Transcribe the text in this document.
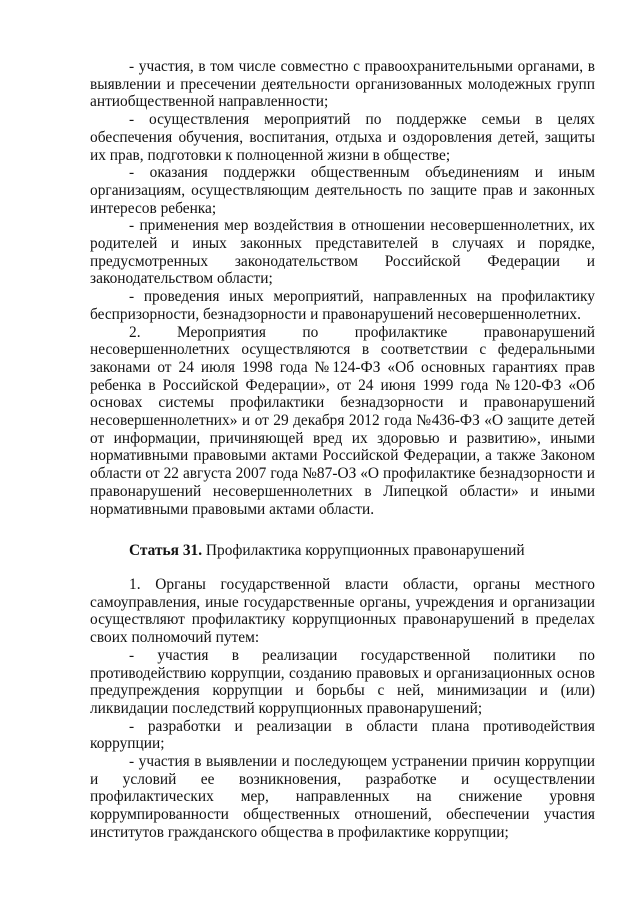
- участия, в том числе совместно с правоохранительными органами, в выявлении и пресечении деятельности организованных молодежных групп антиобщественной направленности;

- осуществления мероприятий по поддержке семьи в целях обеспечения обучения, воспитания, отдыха и оздоровления детей, защиты их прав, подготовки к полноценной жизни в обществе;

- оказания поддержки общественным объединениям и иным организациям, осуществляющим деятельность по защите прав и законных интересов ребенка;

- применения мер воздействия в отношении несовершеннолетних, их родителей и иных законных представителей в случаях и порядке, предусмотренных законодательством Российской Федерации и законодательством области;

- проведения иных мероприятий, направленных на профилактику беспризорности, безнадзорности и правонарушений несовершеннолетних.

2. Мероприятия по профилактике правонарушений несовершеннолетних осуществляются в соответствии с федеральными законами от 24 июля 1998 года №124-ФЗ «Об основных гарантиях прав ребенка в Российской Федерации», от 24 июня 1999 года №120-ФЗ «Об основах системы профилактики безнадзорности и правонарушений несовершеннолетних» и от 29 декабря 2012 года №436-ФЗ «О защите детей от информации, причиняющей вред их здоровью и развитию», иными нормативными правовыми актами Российской Федерации, а также Законом области от 22 августа 2007 года №87-ОЗ «О профилактике безнадзорности и правонарушений несовершеннолетних в Липецкой области» и иными нормативными правовыми актами области.

Статья 31. Профилактика коррупционных правонарушений

1. Органы государственной власти области, органы местного самоуправления, иные государственные органы, учреждения и организации осуществляют профилактику коррупционных правонарушений в пределах своих полномочий путем:

- участия в реализации государственной политики по противодействию коррупции, созданию правовых и организационных основ предупреждения коррупции и борьбы с ней, минимизации и (или) ликвидации последствий коррупционных правонарушений;

- разработки и реализации в области плана противодействия коррупции;

- участия в выявлении и последующем устранении причин коррупции и условий ее возникновения, разработке и осуществлении профилактических мер, направленных на снижение уровня коррумпированности общественных отношений, обеспечении участия институтов гражданского общества в профилактике коррупции;
